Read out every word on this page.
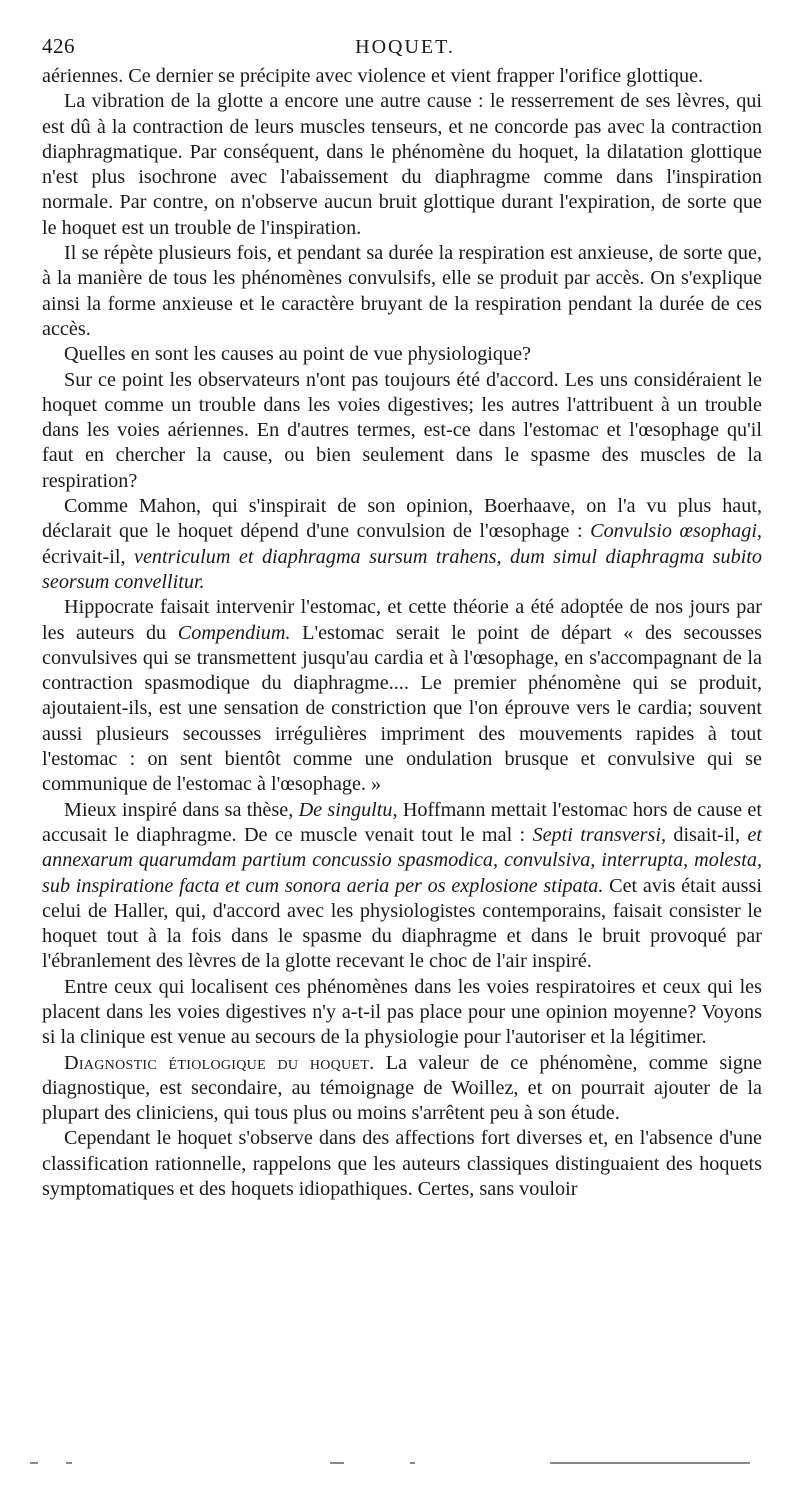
426	HOQUET.

aériennes. Ce dernier se précipite avec violence et vient frapper l'orifice glottique.

La vibration de la glotte a encore une autre cause : le resserrement de ses lèvres, qui est dû à la contraction de leurs muscles tenseurs, et ne concorde pas avec la contraction diaphragmatique. Par conséquent, dans le phénomène du hoquet, la dilatation glottique n'est plus isochrone avec l'abaissement du diaphragme comme dans l'inspiration normale. Par contre, on n'observe aucun bruit glottique durant l'expiration, de sorte que le hoquet est un trouble de l'inspiration.

Il se répète plusieurs fois, et pendant sa durée la respiration est anxieuse, de sorte que, à la manière de tous les phénomènes convulsifs, elle se produit par accès. On s'explique ainsi la forme anxieuse et le caractère bruyant de la respiration pendant la durée de ces accès.

Quelles en sont les causes au point de vue physiologique?

Sur ce point les observateurs n'ont pas toujours été d'accord. Les uns considéraient le hoquet comme un trouble dans les voies digestives; les autres l'attribuent à un trouble dans les voies aériennes. En d'autres termes, est-ce dans l'estomac et l'œsophage qu'il faut en chercher la cause, ou bien seulement dans le spasme des muscles de la respiration?

Comme Mahon, qui s'inspirait de son opinion, Boerhaave, on l'a vu plus haut, déclarait que le hoquet dépend d'une convulsion de l'œsophage : Convulsio œsophagi, écrivait-il, ventriculum et diaphragma sursum trahens, dum simul diaphragma subito seorsum convellitur.

Hippocrate faisait intervenir l'estomac, et cette théorie a été adoptée de nos jours par les auteurs du Compendium. L'estomac serait le point de départ « des secousses convulsives qui se transmettent jusqu'au cardia et à l'œsophage, en s'accompagnant de la contraction spasmodique du diaphragme.... Le premier phénomène qui se produit, ajoutaient-ils, est une sensation de constriction que l'on éprouve vers le cardia; souvent aussi plusieurs secousses irrégulières impriment des mouvements rapides à tout l'estomac : on sent bientôt comme une ondulation brusque et convulsive qui se communique de l'estomac à l'œsophage. »

Mieux inspiré dans sa thèse, De singultu, Hoffmann mettait l'estomac hors de cause et accusait le diaphragme. De ce muscle venait tout le mal : Septi transversi, disait-il, et annexarum quarumdam partium concussio spasmodica, convulsiva, interrupta, molesta, sub inspiratione facta et cum sonora aeria per os explosione stipata. Cet avis était aussi celui de Haller, qui, d'accord avec les physiologistes contemporains, faisait consister le hoquet tout à la fois dans le spasme du diaphragme et dans le bruit provoqué par l'ébranlement des lèvres de la glotte recevant le choc de l'air inspiré.

Entre ceux qui localisent ces phénomènes dans les voies respiratoires et ceux qui les placent dans les voies digestives n'y a-t-il pas place pour une opinion moyenne? Voyons si la clinique est venue au secours de la physiologie pour l'autoriser et la légitimer.

Diagnostic étiologique du hoquet. La valeur de ce phénomène, comme signe diagnostique, est secondaire, au témoignage de Woillez, et on pourrait ajouter de la plupart des cliniciens, qui tous plus ou moins s'arrêtent peu à son étude.

Cependant le hoquet s'observe dans des affections fort diverses et, en l'absence d'une classification rationnelle, rappelons que les auteurs classiques distinguaient des hoquets symptomatiques et des hoquets idiopathiques. Certes, sans vouloir
